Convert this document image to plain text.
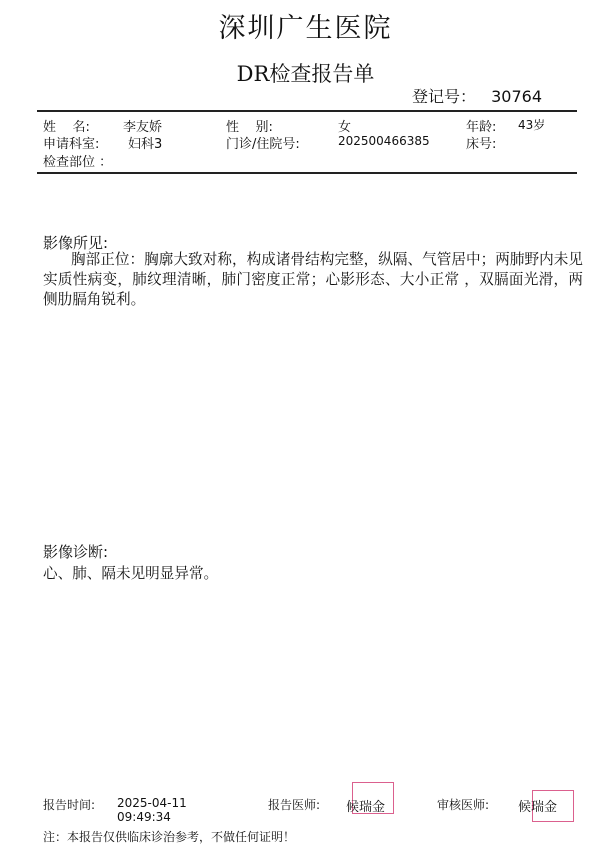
深圳广生医院
DR检查报告单
登记号： 30764
姓    名:	李友娇	性    别:	女	年龄: 43岁
申请科室: 妇科3	门诊/住院号:	202500466385	床号:
检查部位 ：
影像所见:
胸部正位：胸廓大致对称，构成诸骨结构完整，纵隔、气管居中；两肺野内未见实质性病变，肺纹理清晰，肺门密度正常；心影形态、大小正常 ，双膈面光滑，两侧肋膈角锐利。
影像诊断:
心、肺、隔未见明显异常。
报告时间: 2025-04-11
09:49:34
报告医师: 候瑞金	审核医师: 候瑞金
注：本报告仅供临床诊治参考，不做任何证明！
